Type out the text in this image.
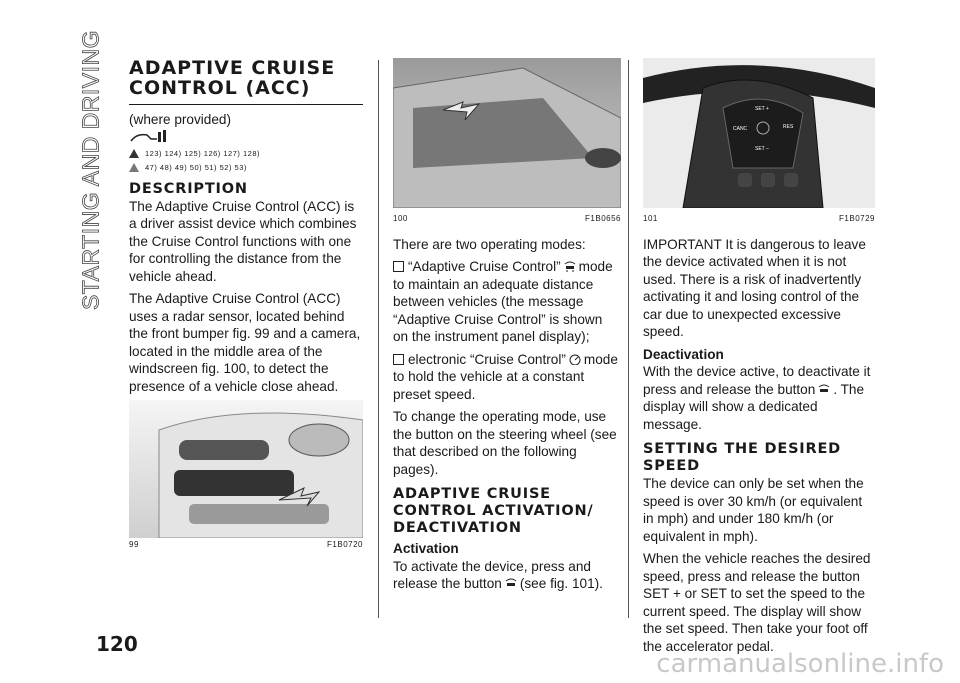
STARTING AND DRIVING
120
carmanualsonline.info
ADAPTIVE CRUISE
CONTROL (ACC)

(where provided)

123) 124) 125) 126) 127) 128)
47) 48) 49) 50) 51) 52) 53)
DESCRIPTION

The Adaptive Cruise Control (ACC) is a driver assist device which combines the Cruise Control functions with one for controlling the distance from the vehicle ahead.

The Adaptive Cruise Control (ACC) uses a radar sensor, located behind the front bumper fig. 99 and a camera, located in the middle area of the windscreen fig. 100, to detect the presence of a vehicle close ahead.

99	F1B0720
100	F1B0656

There are two operating modes:

“Adaptive Cruise Control” mode to maintain an adequate distance between vehicles (the message “Adaptive Cruise Control” is shown on the instrument panel display);

electronic “Cruise Control” mode to hold the vehicle at a constant preset speed.

To change the operating mode, use the button on the steering wheel (see that described on the following pages).

ADAPTIVE CRUISE
CONTROL ACTIVATION/
DEACTIVATION
Activation

To activate the device, press and release the button (see fig. 101).

SET +
CANC	RES
SET –
101	F1B0729

IMPORTANT It is dangerous to leave the device activated when it is not used. There is a risk of inadvertently activating it and losing control of the car due to unexpected excessive speed.

Deactivation

With the device active, to deactivate it press and release the button . The display will show a dedicated message.

SETTING THE DESIRED
SPEED

The device can only be set when the speed is over 30 km/h (or equivalent in mph) and under 180 km/h (or equivalent in mph).

When the vehicle reaches the desired speed, press and release the button SET + or SET to set the speed to the current speed. The display will show the set speed. Then take your foot off the accelerator pedal.
